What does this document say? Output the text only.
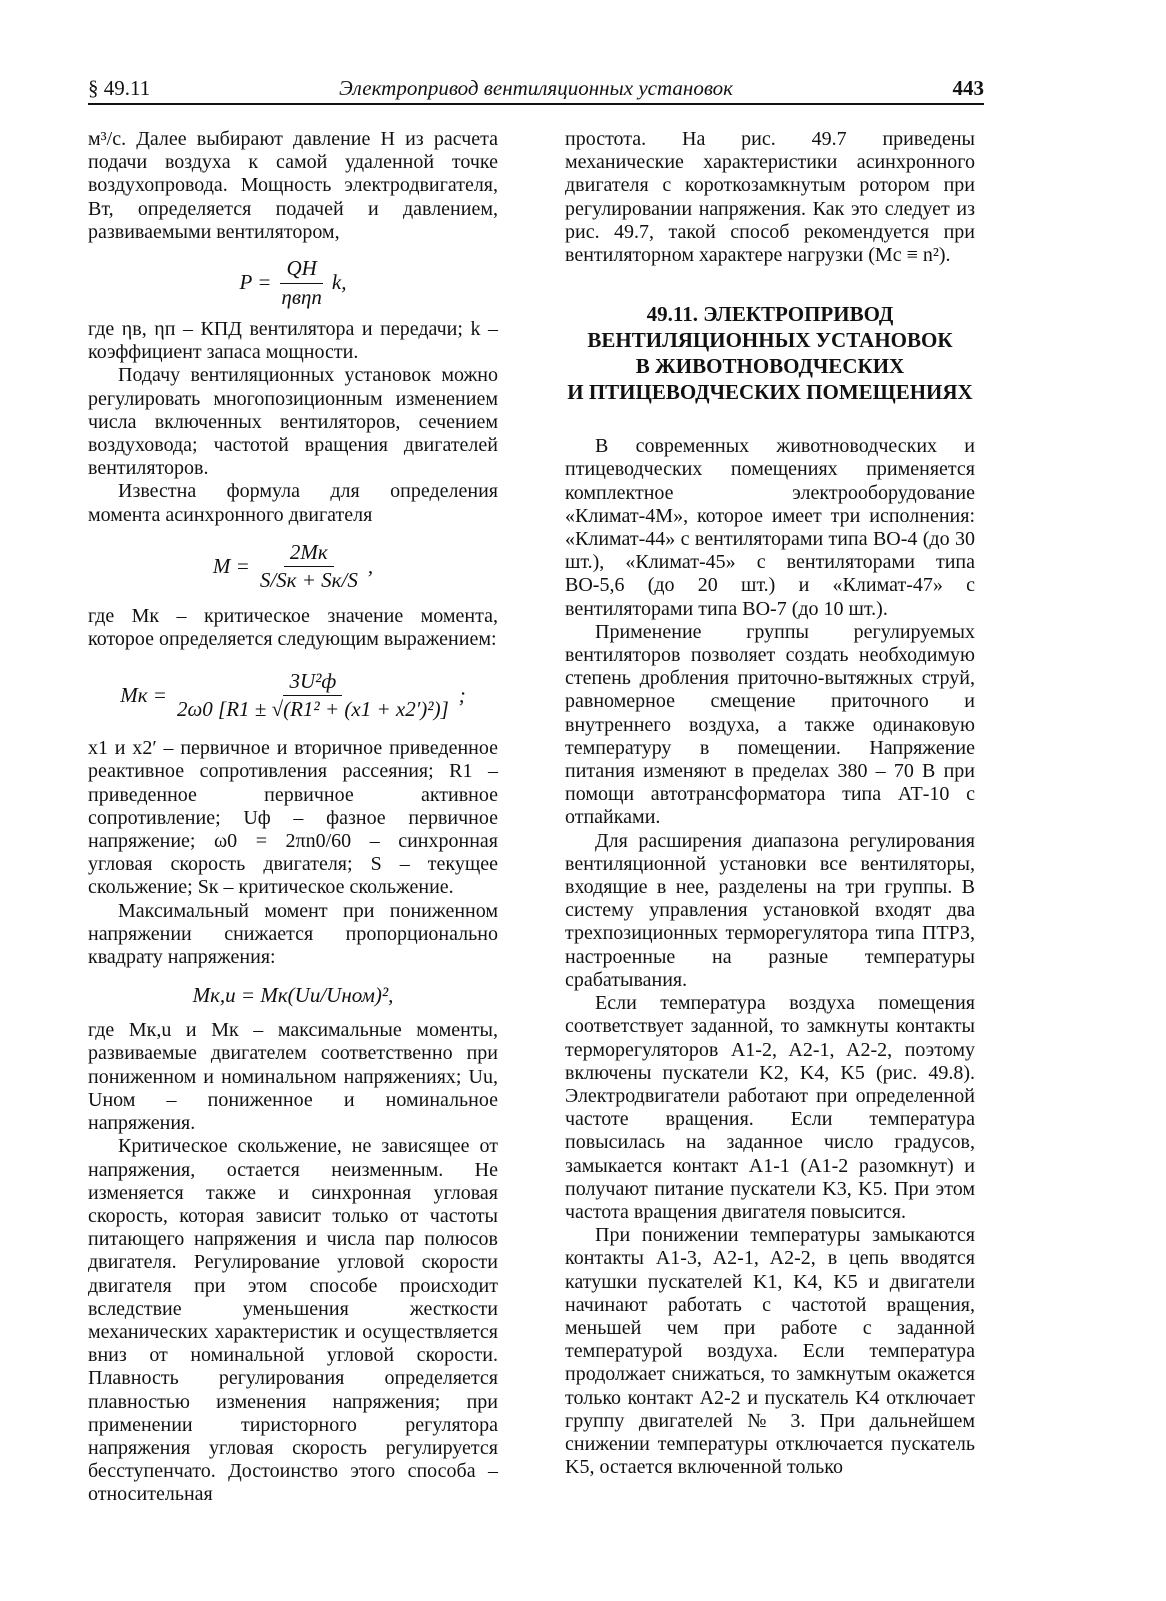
§ 49.11	Электропривод вентиляционных установок	443

м³/с. Далее выбирают давление H из расчета подачи воздуха к самой удаленной точке воздухопровода. Мощность электродвигателя, Вт, определяется подачей и давлением, развиваемыми вентилятором,

$P = \frac{QH}{\text{ηвηп}} k$,

где ηв, ηп – КПД вентилятора и передачи; k – коэффициент запаса мощности.

Подачу вентиляционных установок можно регулировать многопозиционным изменением числа включенных вентиляторов, сечением воздуховода; частотой вращения двигателей вентиляторов.

Известна формула для определения момента асинхронного двигателя

$M = \frac{2Mк}{S/Sк + Sк/S}$ ,

где Mк – критическое значение момента, которое определяется следующим выражением:

Mк = $\frac{\text{3U²ф}}{\text{2ω0 [R1 ± √(R1² + (x1 + x2′)²)]}}$ ;

x1 и x2′ – первичное и вторичное приведенное реактивное сопротивления рассеяния; R1 – приведенное первичное активное сопротивление; Uф – фазное первичное напряжение; ω0 = 2πn0/60 – синхронная угловая скорость двигателя; S – текущее скольжение; Sк – критическое скольжение.

Максимальный момент при пониженном напряжении снижается пропорционально квадрату напряжения:

Mк,u = Mк(Uu/Uном)²,

где Mк,u и Mк – максимальные моменты, развиваемые двигателем соответственно при пониженном и номинальном напряжениях; Uu, Uном – пониженное и номинальное напряжения.

Критическое скольжение, не зависящее от напряжения, остается неизменным. Не изменяется также и синхронная угловая скорость, которая зависит только от частоты питающего напряжения и числа пар полюсов двигателя. Регулирование угловой скорости двигателя при этом способе происходит вследствие уменьшения жесткости механических характеристик и осуществляется вниз от номинальной угловой скорости. Плавность регулирования определяется плавностью изменения напряжения; при применении тиристорного регулятора напряжения угловая скорость регулируется бесступенчато. Достоинство этого способа – относительная

простота. На рис. 49.7 приведены механические характеристики асинхронного двигателя с короткозамкнутым ротором при регулировании напряжения. Как это следует из рис. 49.7, такой способ рекомендуется при вентиляторном характере нагрузки (Mс ≡ n²).

49.11. ЭЛЕКТРОПРИВОД
ВЕНТИЛЯЦИОННЫХ УСТАНОВОК
В ЖИВОТНОВОДЧЕСКИХ
И ПТИЦЕВОДЧЕСКИХ ПОМЕЩЕНИЯХ

В современных животноводческих и птицеводческих помещениях применяется комплектное электрооборудование «Климат-4М», которое имеет три исполнения: «Климат-44» с вентиляторами типа ВО-4 (до 30 шт.), «Климат-45» с вентиляторами типа ВО-5,6 (до 20 шт.) и «Климат-47» с вентиляторами типа ВО-7 (до 10 шт.).

Применение группы регулируемых вентиляторов позволяет создать необходимую степень дробления приточно-вытяжных струй, равномерное смещение приточного и внутреннего воздуха, а также одинаковую температуру в помещении. Напряжение питания изменяют в пределах 380 – 70 В при помощи автотрансформатора типа АТ-10 с отпайками.

Для расширения диапазона регулирования вентиляционной установки все вентиляторы, входящие в нее, разделены на три группы. В систему управления установкой входят два трехпозиционных терморегулятора типа ПТРЗ, настроенные на разные температуры срабатывания.

Если температура воздуха помещения соответствует заданной, то замкнуты контакты терморегуляторов A1-2, A2-1, A2-2, поэтому включены пускатели K2, K4, K5 (рис. 49.8). Электродвигатели работают при определенной частоте вращения. Если температура повысилась на заданное число градусов, замыкается контакт A1-1 (A1-2 разомкнут) и получают питание пускатели K3, K5. При этом частота вращения двигателя повысится.

При понижении температуры замыкаются контакты A1-3, A2-1, A2-2, в цепь вводятся катушки пускателей K1, K4, K5 и двигатели начинают работать с частотой вращения, меньшей чем при работе с заданной температурой воздуха. Если температура продолжает снижаться, то замкнутым окажется только контакт A2-2 и пускатель K4 отключает группу двигателей № 3. При дальнейшем снижении температуры отключается пускатель K5, остается включенной только
